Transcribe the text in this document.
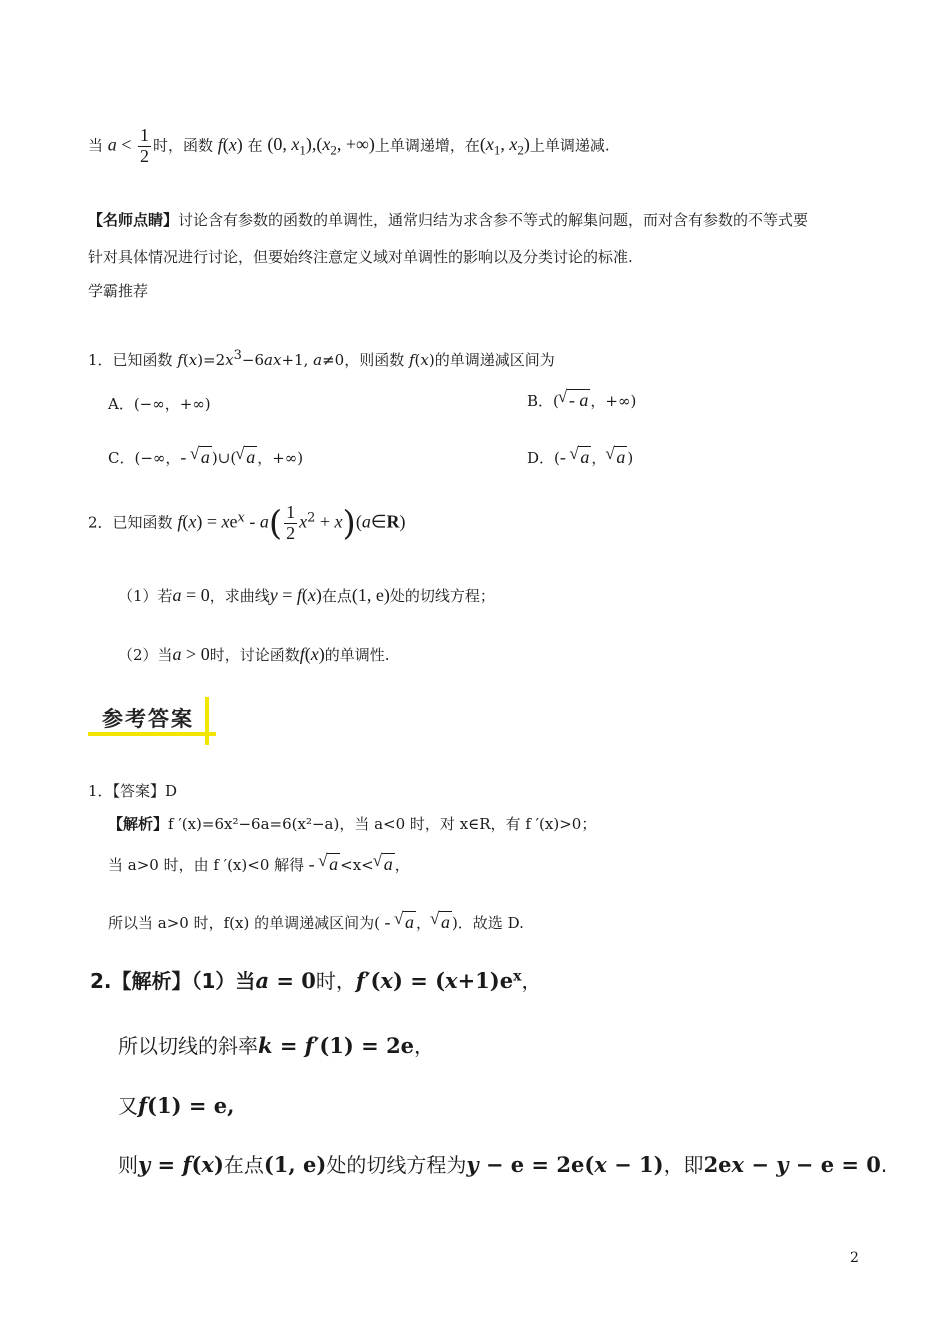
当 $a < \frac{1}{2}$ 时，函数 f(x) 在 (0, $x_1),(x_2$, +∞)上单调递增，在($x_1$, $x_2$)上单调递减.
【名师点睛】讨论含有参数的函数的单调性，通常归结为求含参不等式的解集问题，而对含有参数的不等式要
针对具体情况进行讨论，但要始终注意定义域对单调性的影响以及分类讨论的标准.
学霸推荐
1．已知函数 $f(x)=2x^3-6ax+1$, a≠0，则函数 f(x)的单调递减区间为
A．(−∞，+∞)	B．( √ - a ，+∞)
C．(−∞，- √ a )∪( √ a ，+∞)	D．(- √ a ， √ a )
2．已知函数 $f(x) = xe^x - a( \frac{1}{2} x^2$ + x)(a∈R)
（1）若a = 0，求曲线y = f(x)在点(1, e)处的切线方程；
（2）当a > 0时，讨论函数f(x)的单调性.
参考答案
1．【答案】D
【解析】f ′(x)=6x²−6a=6(x²−a)，当 a<0 时，对 x∈R，有 f ′(x)>0；
当 a>0 时，由 f ′(x)<0 解得 - √ a <x< √ a ，
所以当 a>0 时，f(x) 的单调递减区间为( - √ a ， √ a )．故选 D.
2.【解析】（1）当a = 0时，$f'(x) = (x+1)e^x$，
所以切线的斜率k = f′(1) = 2e，
又f(1) = e,
则y = f(x)在点(1, e)处的切线方程为y − e = 2e(x − 1)，即2ex − y − e = 0.
2
